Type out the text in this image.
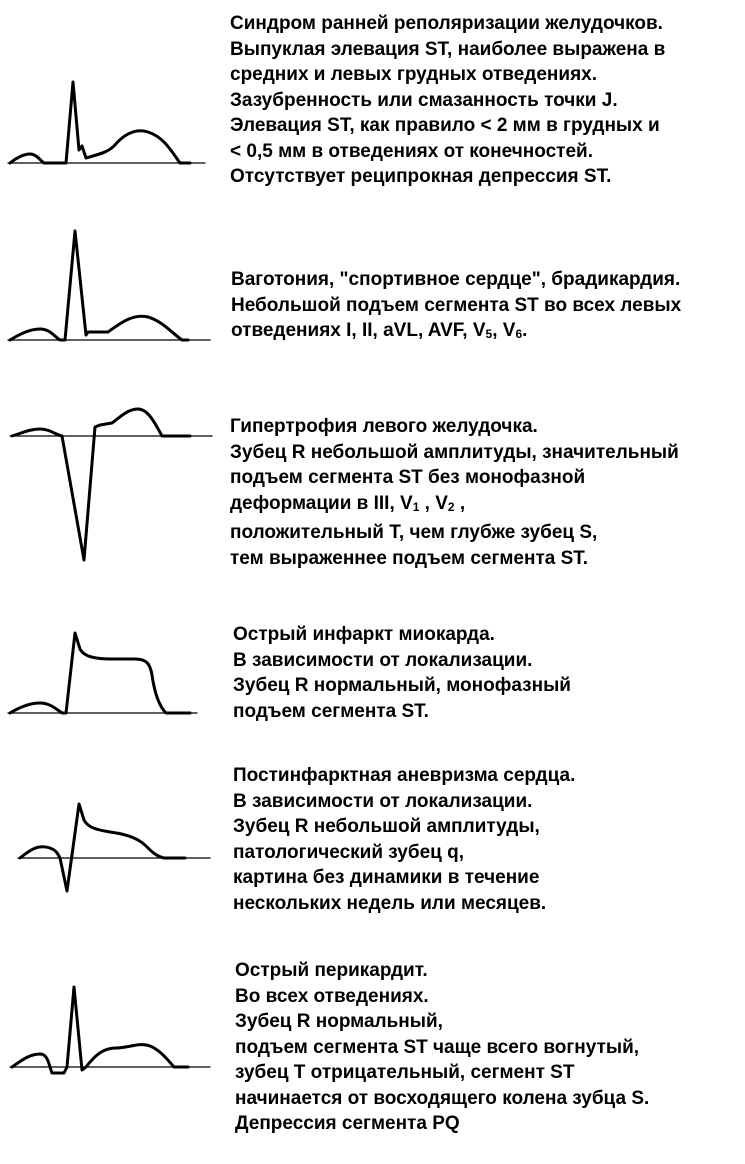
Синдром ранней реполяризации желудочков.
Выпуклая элевация ST, наиболее выражена в
средних и левых грудных отведениях.
Зазубренность или смазанность точки J.
Элевация ST, как правило < 2 мм в грудных и
< 0,5 мм в отведениях от конечностей.
Отсутствует реципрокная депрессия ST.
Ваготония, "спортивное сердце", брадикардия.
Небольшой подъем сегмента ST во всех левых
отведениях I, II, aVL, AVF, $V_5$, $V_6$.
Гипертрофия левого желудочка.
Зубец R небольшой амплитуды, значительный
подъем сегмента ST без монофазной
деформации в III, $V_1$ , $V_2$ ,
положительный Т, чем глубже зубец S,
тем выраженнее подъем сегмента ST.
Острый инфаркт миокарда.
В зависимости от локализации.
Зубец R нормальный, монофазный
подъем сегмента ST.
Постинфарктная аневризма сердца.
В зависимости от локализации.
Зубец R небольшой амплитуды,
патологический зубец q,
картина без динамики в течение
нескольких недель или месяцев.
Острый перикардит.
Во всех отведениях.
Зубец R нормальный,
подъем сегмента ST чаще всего вогнутый,
зубец Т отрицательный, сегмент ST
начинается от восходящего колена зубца S.
Депрессия сегмента PQ
